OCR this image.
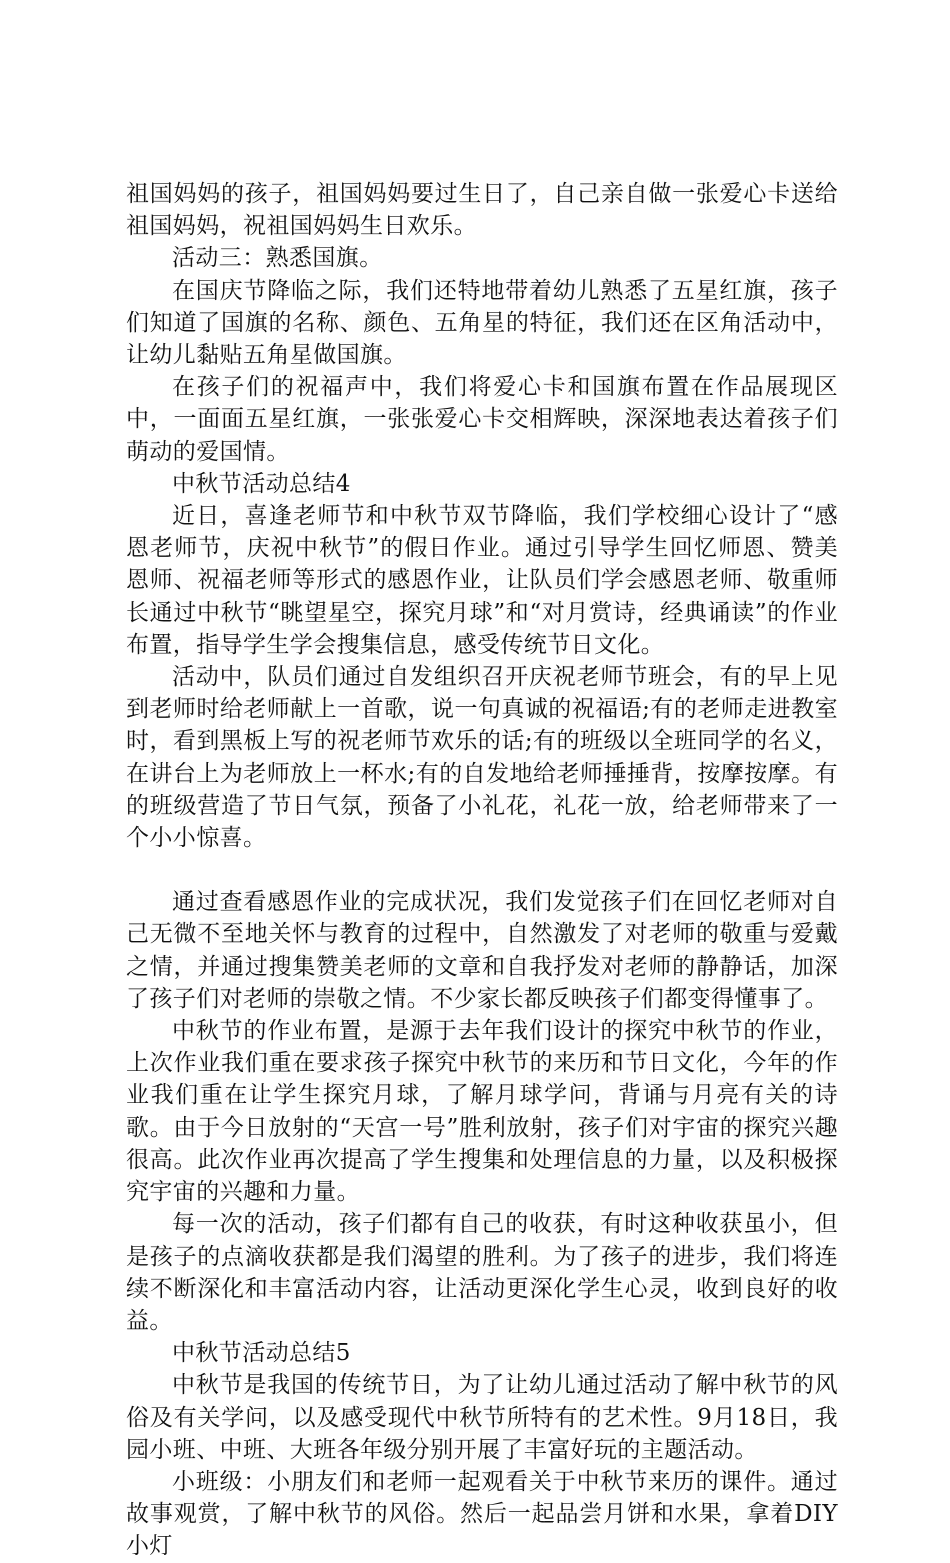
祖国妈妈的孩子，祖国妈妈要过生日了，自己亲自做一张爱心卡送给祖国妈妈，祝祖国妈妈生日欢乐。

活动三：熟悉国旗。

在国庆节降临之际，我们还特地带着幼儿熟悉了五星红旗，孩子们知道了国旗的名称、颜色、五角星的特征，我们还在区角活动中，让幼儿黏贴五角星做国旗。

在孩子们的祝福声中，我们将爱心卡和国旗布置在作品展现区中，一面面五星红旗，一张张爱心卡交相辉映，深深地表达着孩子们萌动的爱国情。

中秋节活动总结4

近日，喜逢老师节和中秋节双节降临，我们学校细心设计了“感恩老师节，庆祝中秋节”的假日作业。通过引导学生回忆师恩、赞美恩师、祝福老师等形式的感恩作业，让队员们学会感恩老师、敬重师长通过中秋节“眺望星空，探究月球”和“对月赏诗，经典诵读”的作业布置，指导学生学会搜集信息，感受传统节日文化。

活动中，队员们通过自发组织召开庆祝老师节班会，有的早上见到老师时给老师献上一首歌，说一句真诚的祝福语;有的老师走进教室时，看到黑板上写的祝老师节欢乐的话;有的班级以全班同学的名义，在讲台上为老师放上一杯水;有的自发地给老师捶捶背，按摩按摩。有的班级营造了节日气氛，预备了小礼花，礼花一放，给老师带来了一个小小惊喜。

通过查看感恩作业的完成状况，我们发觉孩子们在回忆老师对自己无微不至地关怀与教育的过程中，自然激发了对老师的敬重与爱戴之情，并通过搜集赞美老师的文章和自我抒发对老师的静静话，加深了孩子们对老师的崇敬之情。不少家长都反映孩子们都变得懂事了。

中秋节的作业布置，是源于去年我们设计的探究中秋节的作业，上次作业我们重在要求孩子探究中秋节的来历和节日文化，今年的作业我们重在让学生探究月球，了解月球学问，背诵与月亮有关的诗歌。由于今日放射的“天宫一号”胜利放射，孩子们对宇宙的探究兴趣很高。此次作业再次提高了学生搜集和处理信息的力量，以及积极探究宇宙的兴趣和力量。

每一次的活动，孩子们都有自己的收获，有时这种收获虽小，但是孩子的点滴收获都是我们渴望的胜利。为了孩子的进步，我们将连续不断深化和丰富活动内容，让活动更深化学生心灵，收到良好的收益。

中秋节活动总结5

中秋节是我国的传统节日，为了让幼儿通过活动了解中秋节的风俗及有关学问，以及感受现代中秋节所特有的艺术性。9月18日，我园小班、中班、大班各年级分别开展了丰富好玩的主题活动。

小班级：小朋友们和老师一起观看关于中秋节来历的课件。通过故事观赏，了解中秋节的风俗。然后一起品尝月饼和水果，拿着DIY小灯
